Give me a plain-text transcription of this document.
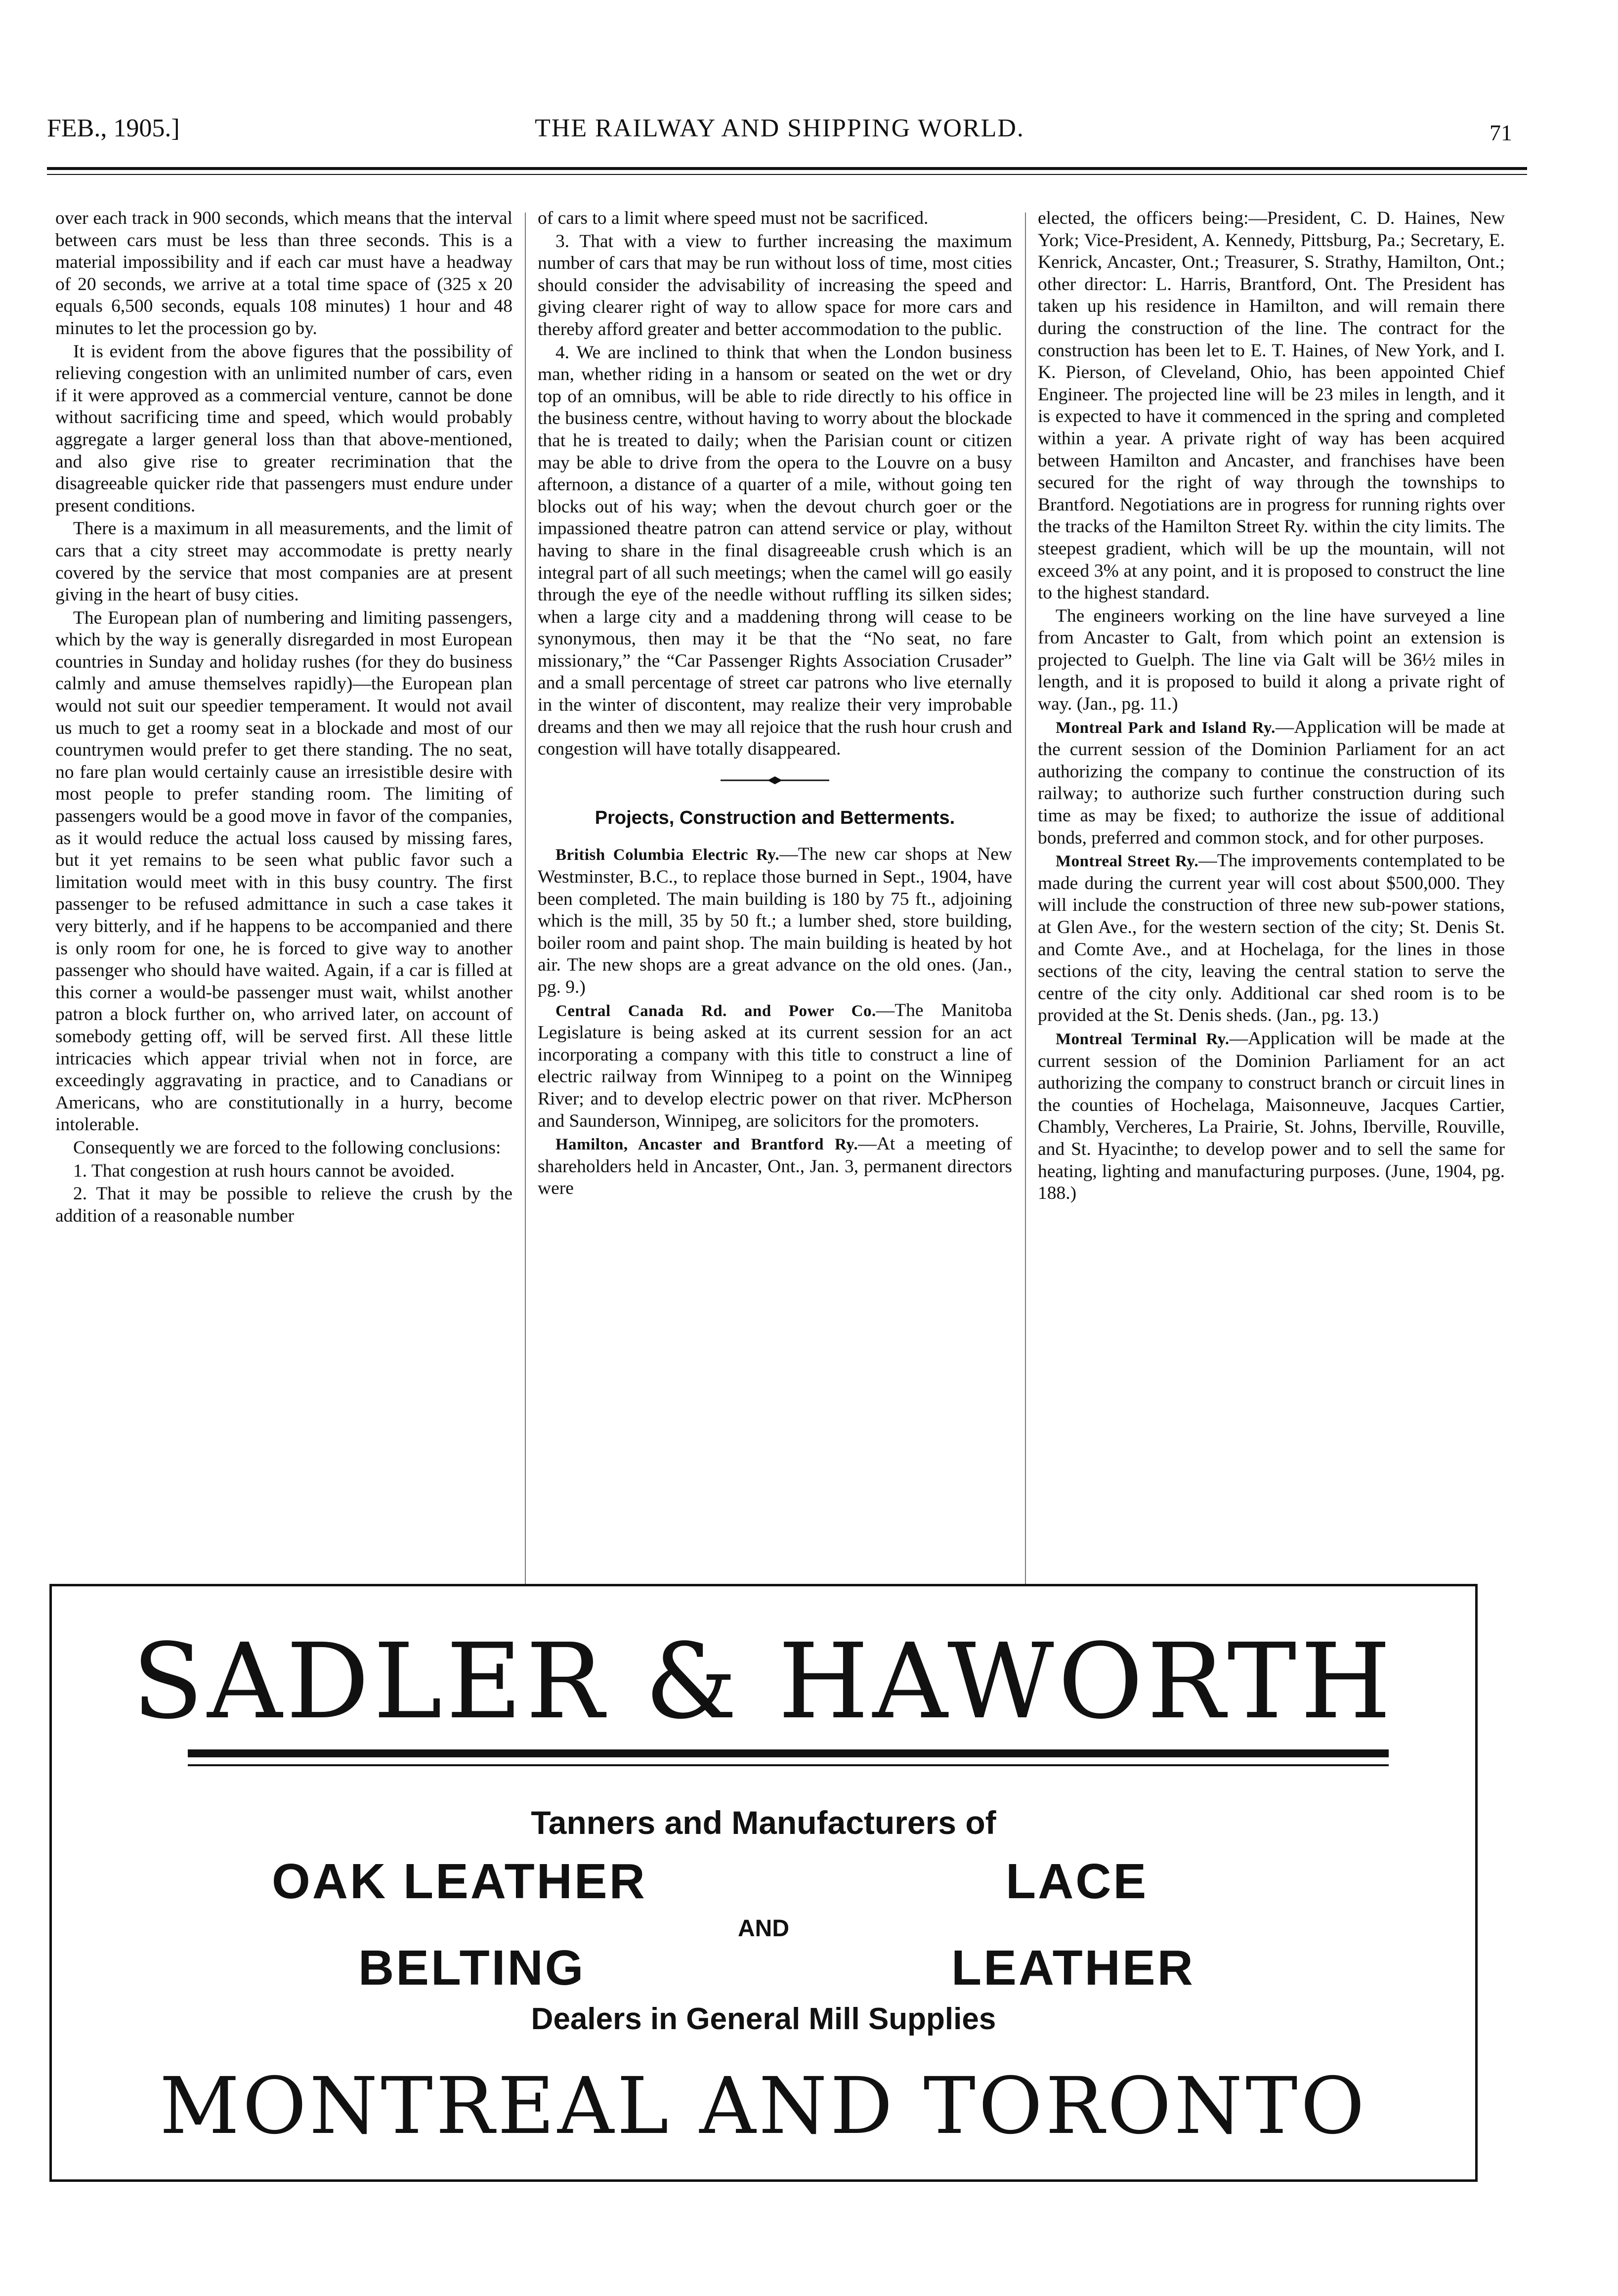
FEB., 1905.]	THE RAILWAY AND SHIPPING WORLD.	71

over each track in 900 seconds, which means that the interval between cars must be less than three seconds. This is a material impossibility and if each car must have a headway of 20 seconds, we arrive at a total time space of (325 x 20 equals 6,500 seconds, equals 108 minutes) 1 hour and 48 minutes to let the procession go by.

It is evident from the above figures that the possibility of relieving congestion with an unlimited number of cars, even if it were approved as a commercial venture, cannot be done without sacrificing time and speed, which would probably aggregate a larger general loss than that above-mentioned, and also give rise to greater recrimination that the disagreeable quicker ride that passengers must endure under present conditions.

There is a maximum in all measurements, and the limit of cars that a city street may accommodate is pretty nearly covered by the service that most companies are at present giving in the heart of busy cities.

The European plan of numbering and limiting passengers, which by the way is generally disregarded in most European countries in Sunday and holiday rushes (for they do business calmly and amuse themselves rapidly)—the European plan would not suit our speedier temperament. It would not avail us much to get a roomy seat in a blockade and most of our countrymen would prefer to get there standing. The no seat, no fare plan would certainly cause an irresistible desire with most people to prefer standing room. The limiting of passengers would be a good move in favor of the companies, as it would reduce the actual loss caused by missing fares, but it yet remains to be seen what public favor such a limitation would meet with in this busy country. The first passenger to be refused admittance in such a case takes it very bitterly, and if he happens to be accompanied and there is only room for one, he is forced to give way to another passenger who should have waited. Again, if a car is filled at this corner a would-be passenger must wait, whilst another patron a block further on, who arrived later, on account of somebody getting off, will be served first. All these little intricacies which appear trivial when not in force, are exceedingly aggravating in practice, and to Canadians or Americans, who are constitutionally in a hurry, become intolerable.

Consequently we are forced to the following conclusions:

1. That congestion at rush hours cannot be avoided.

2. That it may be possible to relieve the crush by the addition of a reasonable number

of cars to a limit where speed must not be sacrificed.

3. That with a view to further increasing the maximum number of cars that may be run without loss of time, most cities should consider the advisability of increasing the speed and giving clearer right of way to allow space for more cars and thereby afford greater and better accommodation to the public.

4. We are inclined to think that when the London business man, whether riding in a hansom or seated on the wet or dry top of an omnibus, will be able to ride directly to his office in the business centre, without having to worry about the blockade that he is treated to daily; when the Parisian count or citizen may be able to drive from the opera to the Louvre on a busy afternoon, a distance of a quarter of a mile, without going ten blocks out of his way; when the devout church goer or the impassioned theatre patron can attend service or play, without having to share in the final disagreeable crush which is an integral part of all such meetings; when the camel will go easily through the eye of the needle without ruffling its silken sides; when a large city and a maddening throng will cease to be synonymous, then may it be that the “No seat, no fare missionary,” the “Car Passenger Rights Association Crusader” and a small percentage of street car patrons who live eternally in the winter of discontent, may realize their very improbable dreams and then we may all rejoice that the rush hour crush and congestion will have totally disappeared.

Projects, Construction and Betterments.

British Columbia Electric Ry.—The new car shops at New Westminster, B.C., to replace those burned in Sept., 1904, have been completed. The main building is 180 by 75 ft., adjoining which is the mill, 35 by 50 ft.; a lumber shed, store building, boiler room and paint shop. The main building is heated by hot air. The new shops are a great advance on the old ones. (Jan., pg. 9.)

Central Canada Rd. and Power Co.—The Manitoba Legislature is being asked at its current session for an act incorporating a company with this title to construct a line of electric railway from Winnipeg to a point on the Winnipeg River; and to develop electric power on that river. McPherson and Saunderson, Winnipeg, are solicitors for the promoters.

Hamilton, Ancaster and Brantford Ry.—At a meeting of shareholders held in Ancaster, Ont., Jan. 3, permanent directors were

elected, the officers being:—President, C. D. Haines, New York; Vice-President, A. Kennedy, Pittsburg, Pa.; Secretary, E. Kenrick, Ancaster, Ont.; Treasurer, S. Strathy, Hamilton, Ont.; other director: L. Harris, Brantford, Ont. The President has taken up his residence in Hamilton, and will remain there during the construction of the line. The contract for the construction has been let to E. T. Haines, of New York, and I. K. Pierson, of Cleveland, Ohio, has been appointed Chief Engineer. The projected line will be 23 miles in length, and it is expected to have it commenced in the spring and completed within a year. A private right of way has been acquired between Hamilton and Ancaster, and franchises have been secured for the right of way through the townships to Brantford. Negotiations are in progress for running rights over the tracks of the Hamilton Street Ry. within the city limits. The steepest gradient, which will be up the mountain, will not exceed 3% at any point, and it is proposed to construct the line to the highest standard.

The engineers working on the line have surveyed a line from Ancaster to Galt, from which point an extension is projected to Guelph. The line via Galt will be 36½ miles in length, and it is proposed to build it along a private right of way. (Jan., pg. 11.)

Montreal Park and Island Ry.—Application will be made at the current session of the Dominion Parliament for an act authorizing the company to continue the construction of its railway; to authorize such further construction during such time as may be fixed; to authorize the issue of additional bonds, preferred and common stock, and for other purposes.

Montreal Street Ry.—The improvements contemplated to be made during the current year will cost about $500,000. They will include the construction of three new sub-power stations, at Glen Ave., for the western section of the city; St. Denis St. and Comte Ave., and at Hochelaga, for the lines in those sections of the city, leaving the central station to serve the centre of the city only. Additional car shed room is to be provided at the St. Denis sheds. (Jan., pg. 13.)

Montreal Terminal Ry.—Application will be made at the current session of the Dominion Parliament for an act authorizing the company to construct branch or circuit lines in the counties of Hochelaga, Maisonneuve, Jacques Cartier, Chambly, Vercheres, La Prairie, St. Johns, Iberville, Rouville, and St. Hyacinthe; to develop power and to sell the same for heating, lighting and manufacturing purposes. (June, 1904, pg. 188.)

SADLER & HAWORTH
Tanners and Manufacturers of
OAK LEATHER
BELTING
LACE
LEATHER
AND
Dealers in General Mill Supplies
MONTREAL AND TORONTO
